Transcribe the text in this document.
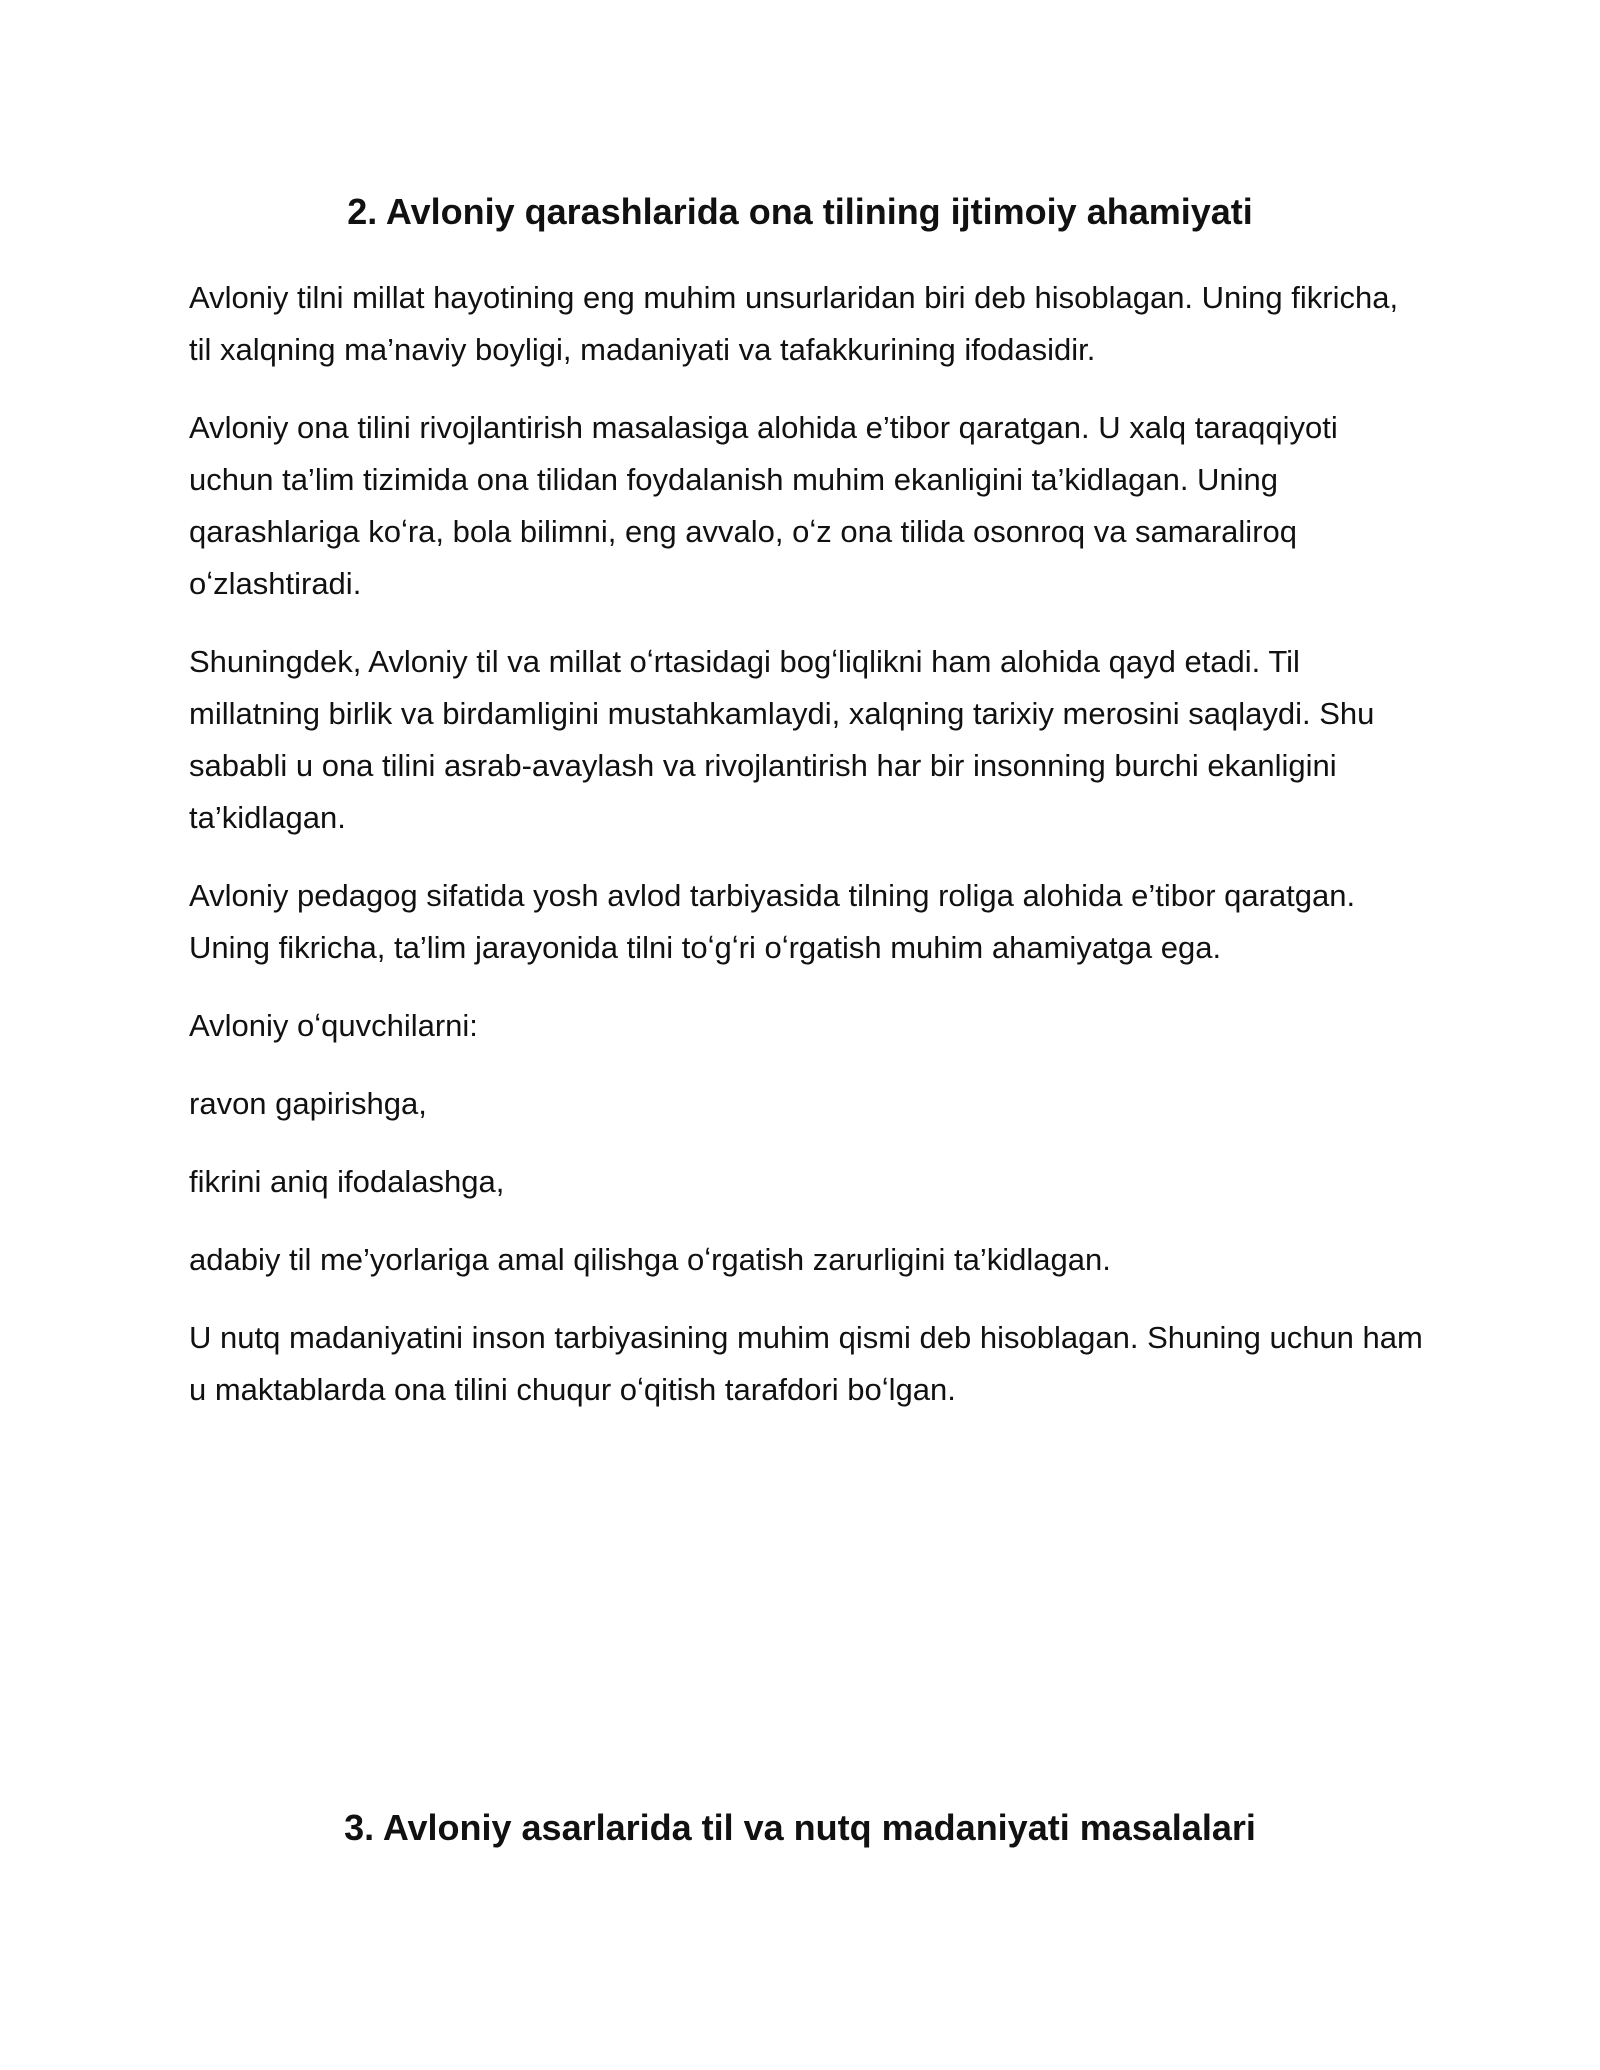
2. Avloniy qarashlarida ona tilining ijtimoiy ahamiyati

Avloniy tilni millat hayotining eng muhim unsurlaridan biri deb hisoblagan. Uning fikricha, til xalqning ma’naviy boyligi, madaniyati va tafakkurining ifodasidir.

Avloniy ona tilini rivojlantirish masalasiga alohida e’tibor qaratgan. U xalq taraqqiyoti uchun ta’lim tizimida ona tilidan foydalanish muhim ekanligini ta’kidlagan. Uning qarashlariga koʻra, bola bilimni, eng avvalo, oʻz ona tilida osonroq va samaraliroq oʻzlashtiradi.

Shuningdek, Avloniy til va millat oʻrtasidagi bogʻliqlikni ham alohida qayd etadi. Til millatning birlik va birdamligini mustahkamlaydi, xalqning tarixiy merosini saqlaydi. Shu sababli u ona tilini asrab-avaylash va rivojlantirish har bir insonning burchi ekanligini ta’kidlagan.

Avloniy pedagog sifatida yosh avlod tarbiyasida tilning roliga alohida e’tibor qaratgan. Uning fikricha, ta’lim jarayonida tilni toʻgʻri oʻrgatish muhim ahamiyatga ega.

Avloniy oʻquvchilarni:

ravon gapirishga,

fikrini aniq ifodalashga,

adabiy til me’yorlariga amal qilishga oʻrgatish zarurligini ta’kidlagan.

U nutq madaniyatini inson tarbiyasining muhim qismi deb hisoblagan. Shuning uchun ham u maktablarda ona tilini chuqur oʻqitish tarafdori boʻlgan.

3. Avloniy asarlarida til va nutq madaniyati masalalari
